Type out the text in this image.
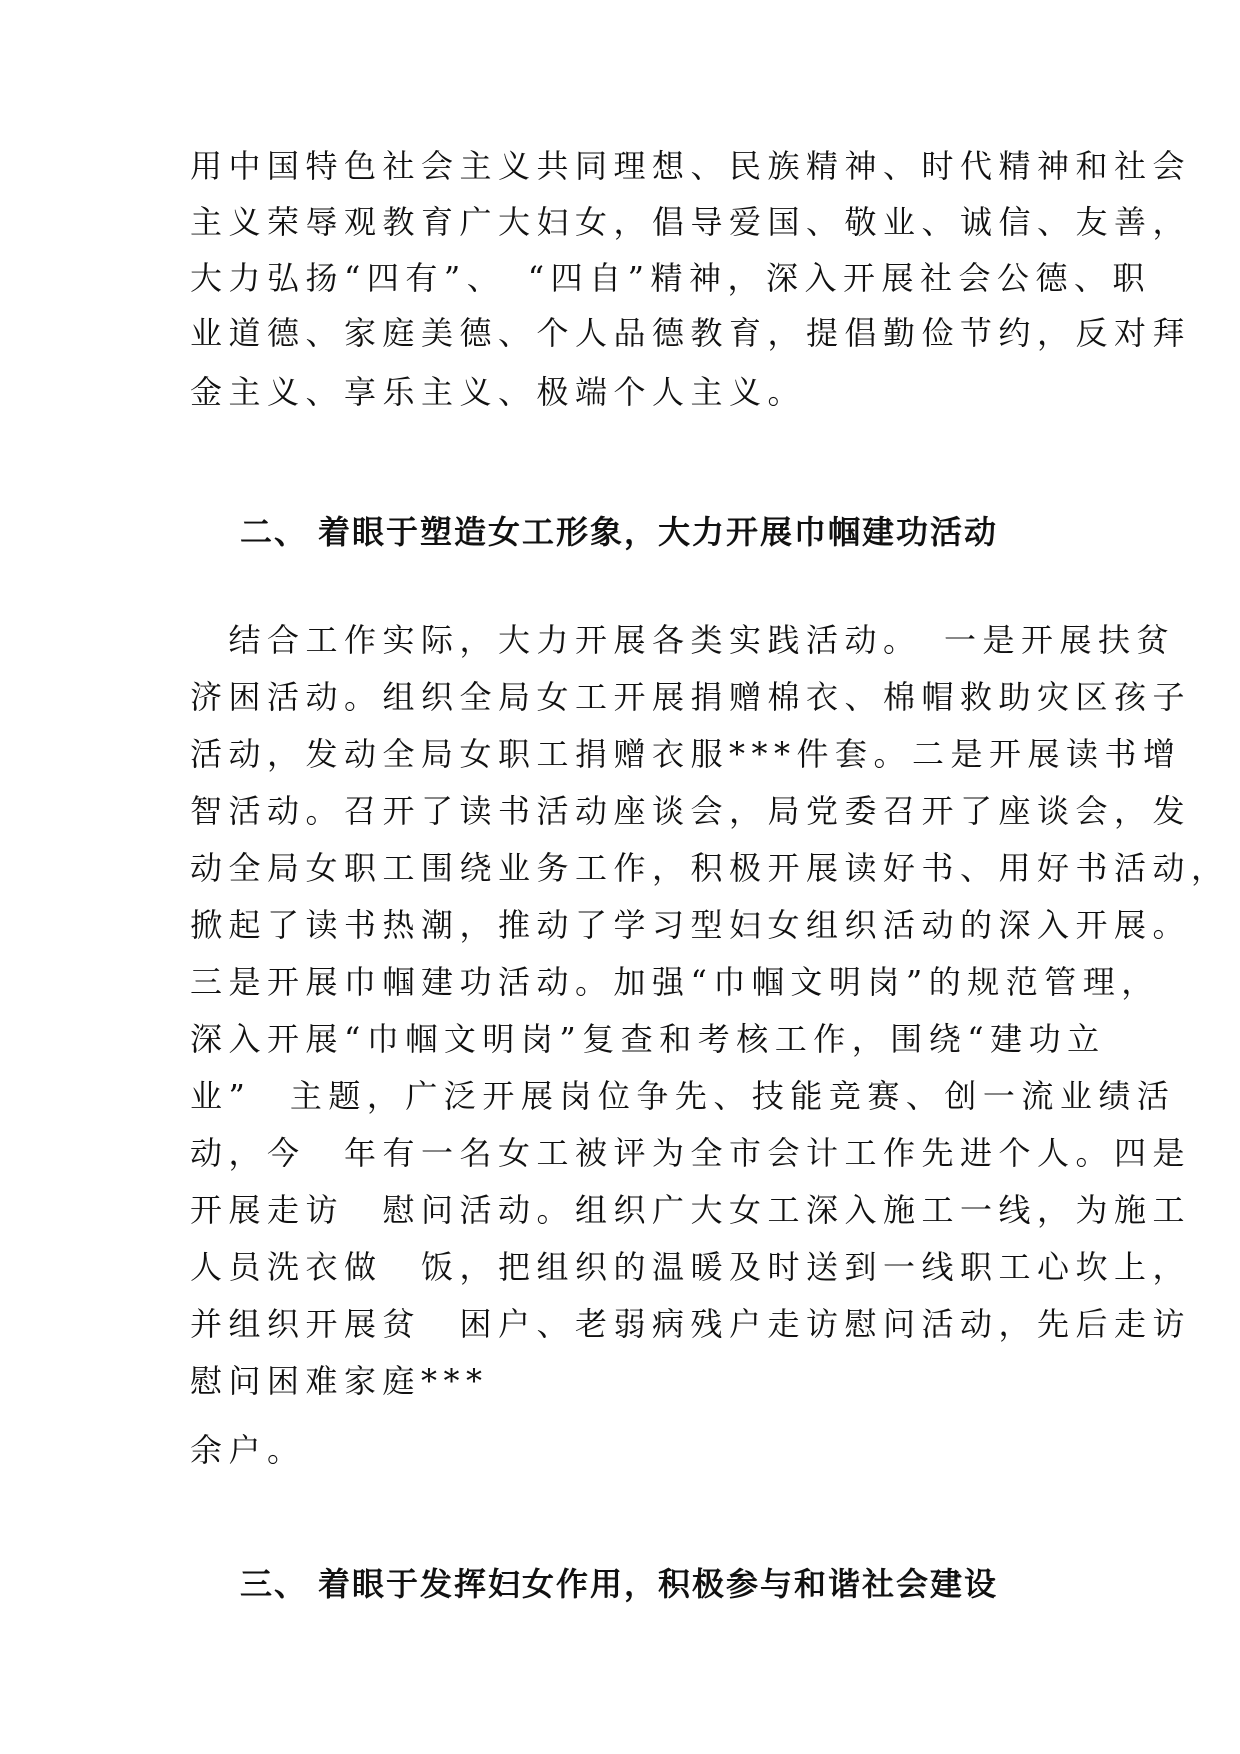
用中国特色社会主义共同理想、民族精神、时代精神和社会
主义荣辱观教育广大妇女，倡导爱国、敬业、诚信、友善，
大力弘扬“四有”、　“四自”精神，深入开展社会公德、职
业道德、家庭美德、个人品德教育，提倡勤俭节约，反对拜
金主义、享乐主义、极端个人主义。
二、 着眼于塑造女工形象，大力开展巾帼建功活动
　结合工作实际，大力开展各类实践活动。　一是开展扶贫
济困活动。组织全局女工开展捐赠棉衣、棉帽救助灾区孩子
活动，发动全局女职工捐赠衣服***件套。二是开展读书增
智活动。召开了读书活动座谈会，局党委召开了座谈会，发
动全局女职工围绕业务工作，积极开展读好书、用好书活动，
掀起了读书热潮，推动了学习型妇女组织活动的深入开展。
三是开展巾帼建功活动。加强“巾帼文明岗”的规范管理，
深入开展“巾帼文明岗”复查和考核工作，围绕“建功立
业”　主题，广泛开展岗位争先、技能竞赛、创一流业绩活
动，今　年有一名女工被评为全市会计工作先进个人。四是
开展走访　慰问活动。组织广大女工深入施工一线，为施工
人员洗衣做　饭，把组织的温暖及时送到一线职工心坎上，
并组织开展贫　困户、老弱病残户走访慰问活动，先后走访
慰问困难家庭***
余户。
三、 着眼于发挥妇女作用，积极参与和谐社会建设
